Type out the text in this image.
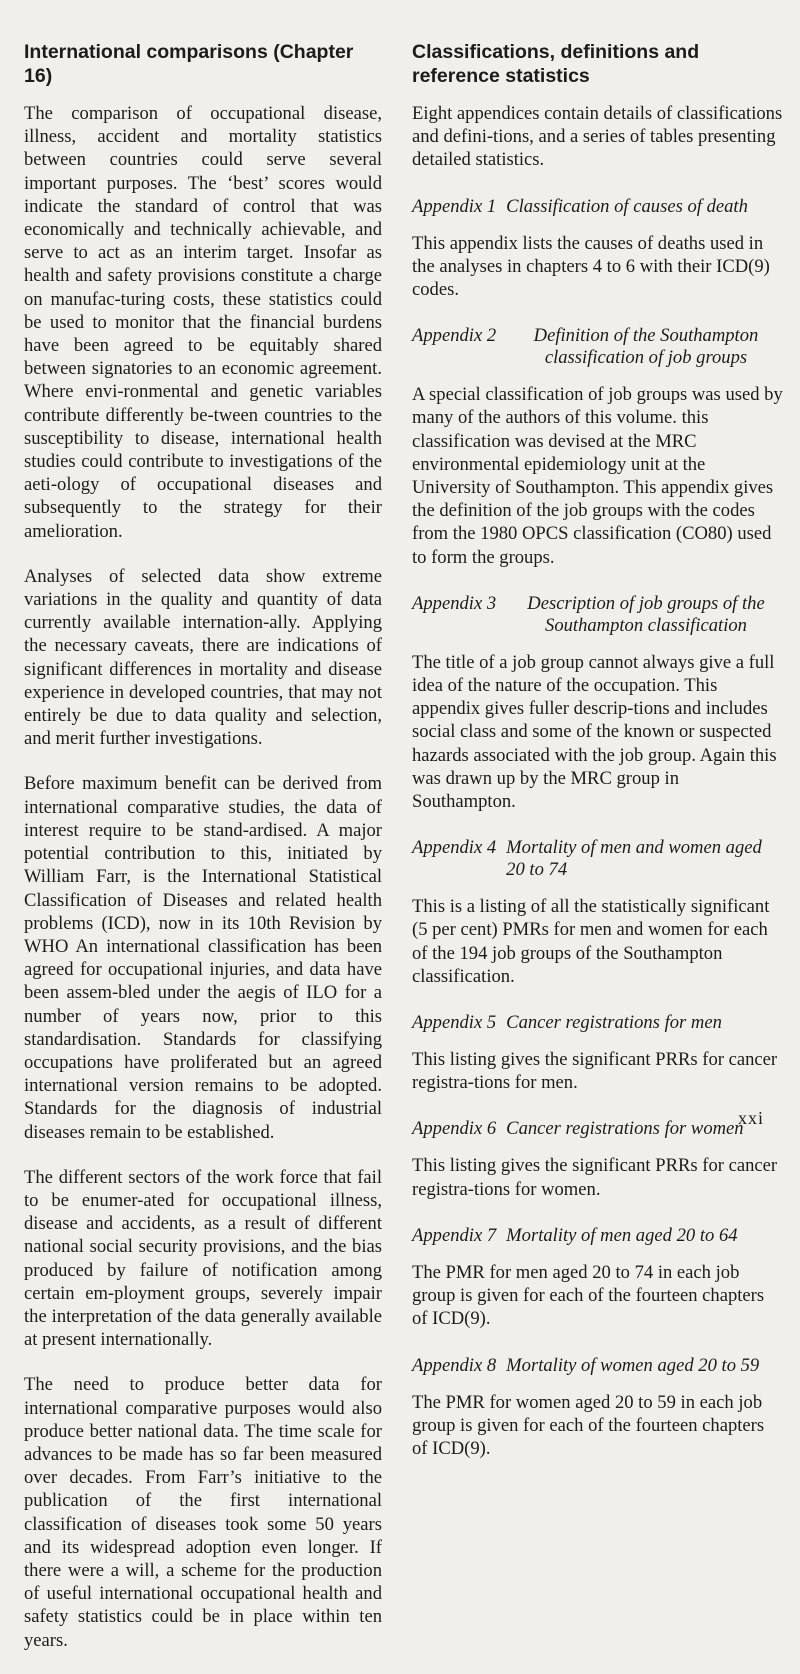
International comparisons (Chapter 16)

The comparison of occupational disease, illness, accident and mortality statistics between countries could serve several important purposes. The ‘best’ scores would indicate the standard of control that was economically and technically achievable, and serve to act as an interim target. Insofar as health and safety provisions constitute a charge on manufac-turing costs, these statistics could be used to monitor that the financial burdens have been agreed to be equitably shared between signatories to an economic agreement. Where envi-ronmental and genetic variables contribute differently be-tween countries to the susceptibility to disease, international health studies could contribute to investigations of the aeti-ology of occupational diseases and subsequently to the strategy for their amelioration.

Analyses of selected data show extreme variations in the quality and quantity of data currently available internation-ally. Applying the necessary caveats, there are indications of significant differences in mortality and disease experience in developed countries, that may not entirely be due to data quality and selection, and merit further investigations.

Before maximum benefit can be derived from international comparative studies, the data of interest require to be stand-ardised. A major potential contribution to this, initiated by William Farr, is the International Statistical Classification of Diseases and related health problems (ICD), now in its 10th Revision by WHO An international classification has been agreed for occupational injuries, and data have been assem-bled under the aegis of ILO for a number of years now, prior to this standardisation. Standards for classifying occupations have proliferated but an agreed international version remains to be adopted. Standards for the diagnosis of industrial diseases remain to be established.

The different sectors of the work force that fail to be enumer-ated for occupational illness, disease and accidents, as a result of different national social security provisions, and the bias produced by failure of notification among certain em-ployment groups, severely impair the interpretation of the data generally available at present internationally.

The need to produce better data for international comparative purposes would also produce better national data. The time scale for advances to be made has so far been measured over decades. From Farr’s initiative to the publication of the first international classification of diseases took some 50 years and its widespread adoption even longer. If there were a will, a scheme for the production of useful international occupational health and safety statistics could be in place within ten years.

Classifications, definitions and reference statistics

Eight appendices contain details of classifications and defini-tions, and a series of tables presenting detailed statistics.

Appendix 1 Classification of causes of death

This appendix lists the causes of deaths used in the analyses in chapters 4 to 6 with their ICD(9) codes.

Appendix 2	Definition of the Southampton classification of job groups

A special classification of job groups was used by many of the authors of this volume. this classification was devised at the MRC environmental epidemiology unit at the University of Southampton. This appendix gives the definition of the job groups with the codes from the 1980 OPCS classification (CO80) used to form the groups.

Appendix 3	Description of job groups of the Southampton classification

The title of a job group cannot always give a full idea of the nature of the occupation. This appendix gives fuller descrip-tions and includes social class and some of the known or suspected hazards associated with the job group. Again this was drawn up by the MRC group in Southampton.

Appendix 4 Mortality of men and women aged 20 to 74

This is a listing of all the statistically significant (5 per cent) PMRs for men and women for each of the 194 job groups of the Southampton classification.

Appendix 5 Cancer registrations for men

This listing gives the significant PRRs for cancer registra-tions for men.

Appendix 6 Cancer registrations for women

This listing gives the significant PRRs for cancer registra-tions for women.

Appendix 7 Mortality of men aged 20 to 64

The PMR for men aged 20 to 74 in each job group is given for each of the fourteen chapters of ICD(9).

Appendix 8 Mortality of women aged 20 to 59

The PMR for women aged 20 to 59 in each job group is given for each of the fourteen chapters of ICD(9).

xxi
